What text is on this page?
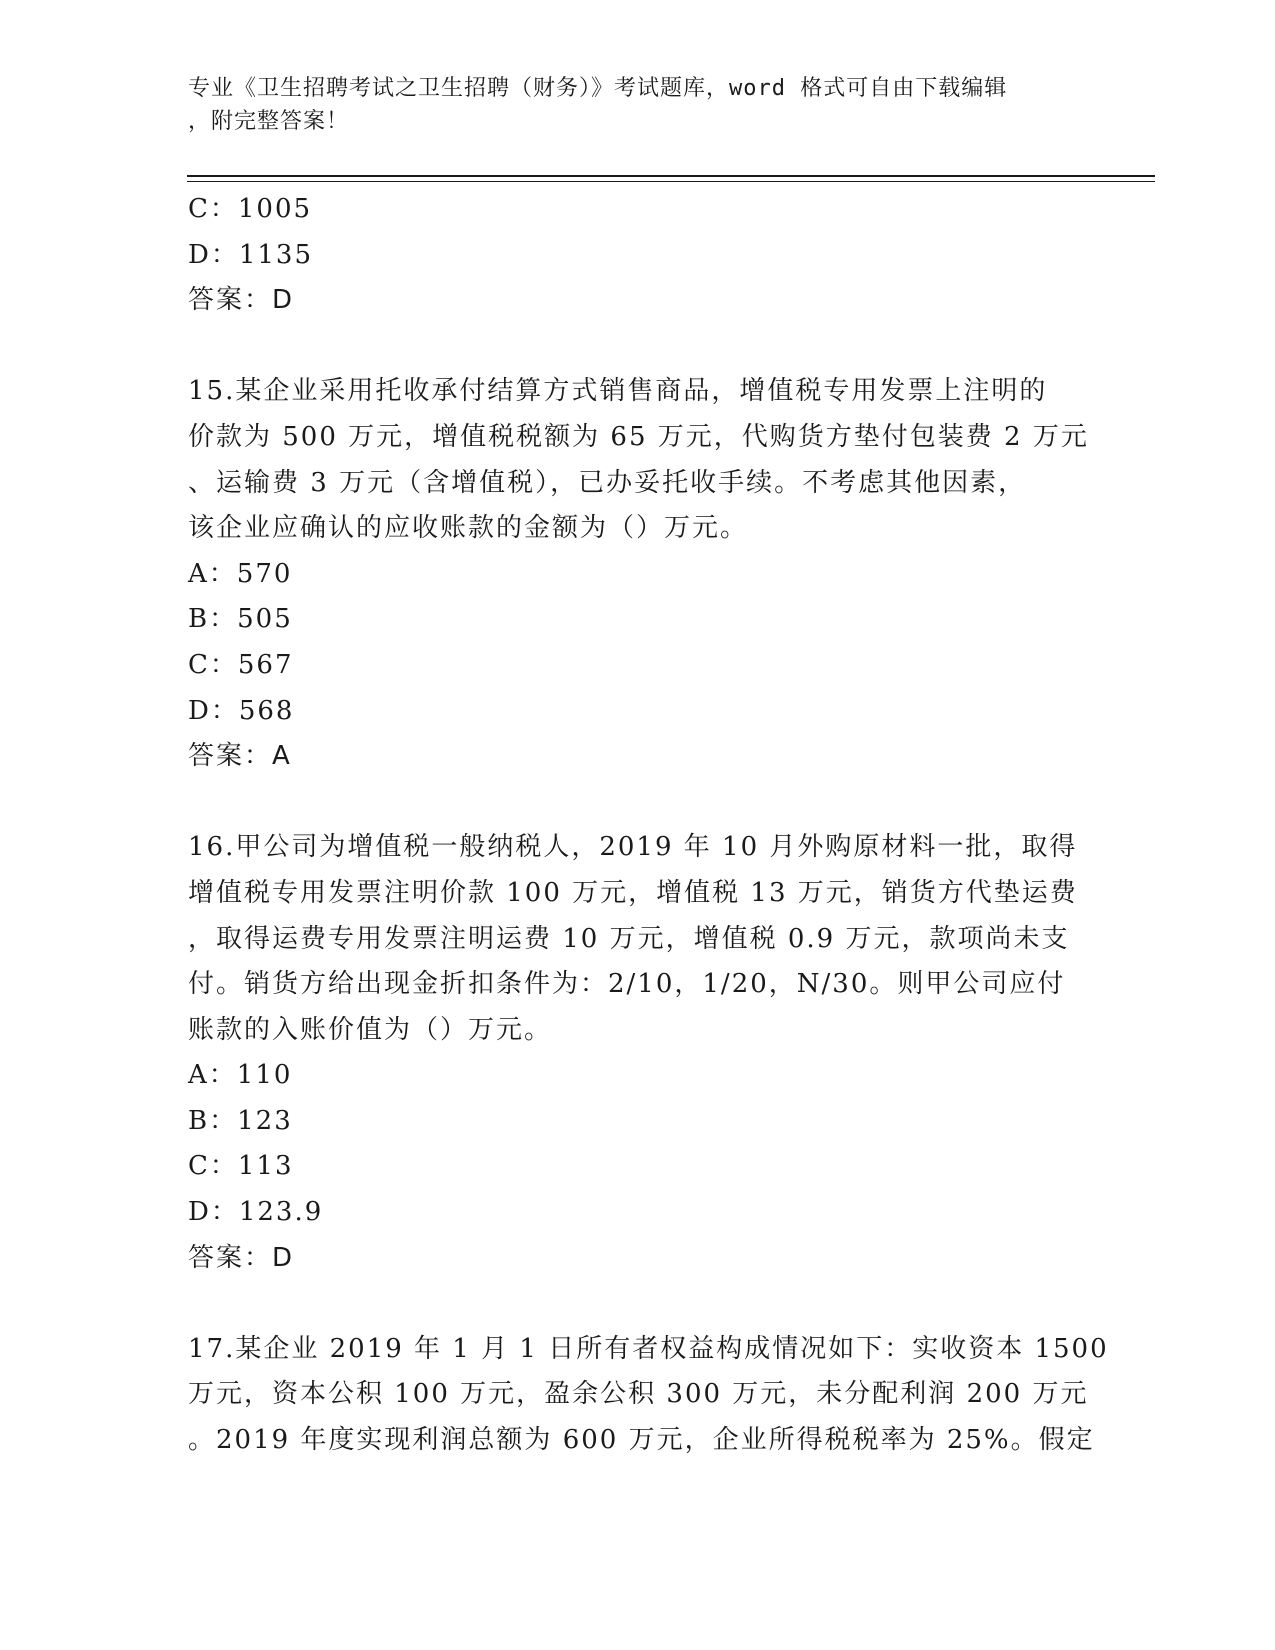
专业《卫生招聘考试之卫生招聘（财务）》考试题库，word 格式可自由下载编辑
，附完整答案！
C：1005
D：1135
答案：D
15.某企业采用托收承付结算方式销售商品，增值税专用发票上注明的
价款为 500 万元，增值税税额为 65 万元，代购货方垫付包装费 2 万元
、运输费 3 万元（含增值税），已办妥托收手续。不考虑其他因素，
该企业应确认的应收账款的金额为（）万元。
A：570
B：505
C：567
D：568
答案：A
16.甲公司为增值税一般纳税人，2019 年 10 月外购原材料一批，取得
增值税专用发票注明价款 100 万元，增值税 13 万元，销货方代垫运费
，取得运费专用发票注明运费 10 万元，增值税 0.9 万元，款项尚未支
付。销货方给出现金折扣条件为：2/10，1/20，N/30。则甲公司应付
账款的入账价值为（）万元。
A：110
B：123
C：113
D：123.9
答案：D
17.某企业 2019 年 1 月 1 日所有者权益构成情况如下：实收资本 1500
万元，资本公积 100 万元，盈余公积 300 万元，未分配利润 200 万元
。2019 年度实现利润总额为 600 万元，企业所得税税率为 25%。假定
